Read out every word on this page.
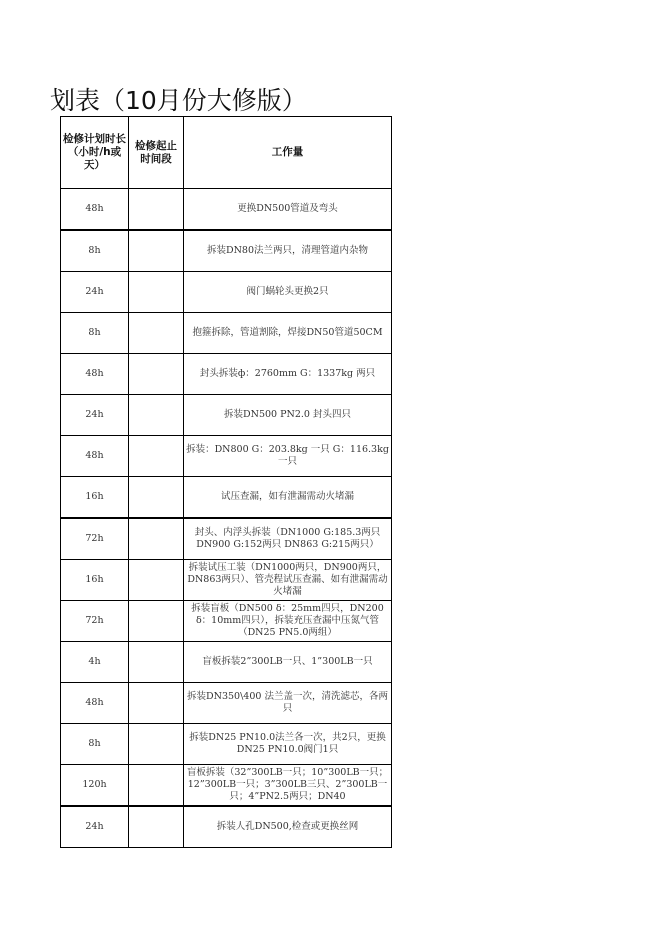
划表（10月份大修版）
检修计划时长（小时/h或天）	检修起止时间段	工作量
48h		更换DN500管道及弯头
8h		拆装DN80法兰两只，清理管道内杂物
24h		阀门蜗轮头更换2只
8h		抱箍拆除，管道割除，焊接DN50管道50CM
48h		封头拆装ф：2760mm G：1337kg 两只
24h		拆装DN500 PN2.0 封头四只
48h		拆装：DN800 G：203.8kg 一只 G：116.3kg 一只
16h		试压查漏，如有泄漏需动火堵漏
72h		封头、内浮头拆装（DN1000 G:185.3两只 DN900 G:152两只 DN863 G:215两只）
16h		拆装试压工装（DN1000两只，DN900两只，DN863两只）、管壳程试压查漏、如有泄漏需动火堵漏
72h		拆装盲板（DN500 δ：25mm四只，DN200 δ：10mm四只），拆装充压查漏中压氮气管（DN25 PN5.0两组）
4h		盲板拆装2”300LB一只、1”300LB一只
48h		拆装DN350\400 法兰盖一次，清洗滤芯，各两只
8h		拆装DN25 PN10.0法兰各一次，共2只，更换DN25 PN10.0阀门1只
120h		盲板拆装（32”300LB一只；10”300LB一只；12”300LB一只；3”300LB三只、2”300LB一只；4”PN2.5两只；DN40
24h		拆装人孔DN500,检查或更换丝网
